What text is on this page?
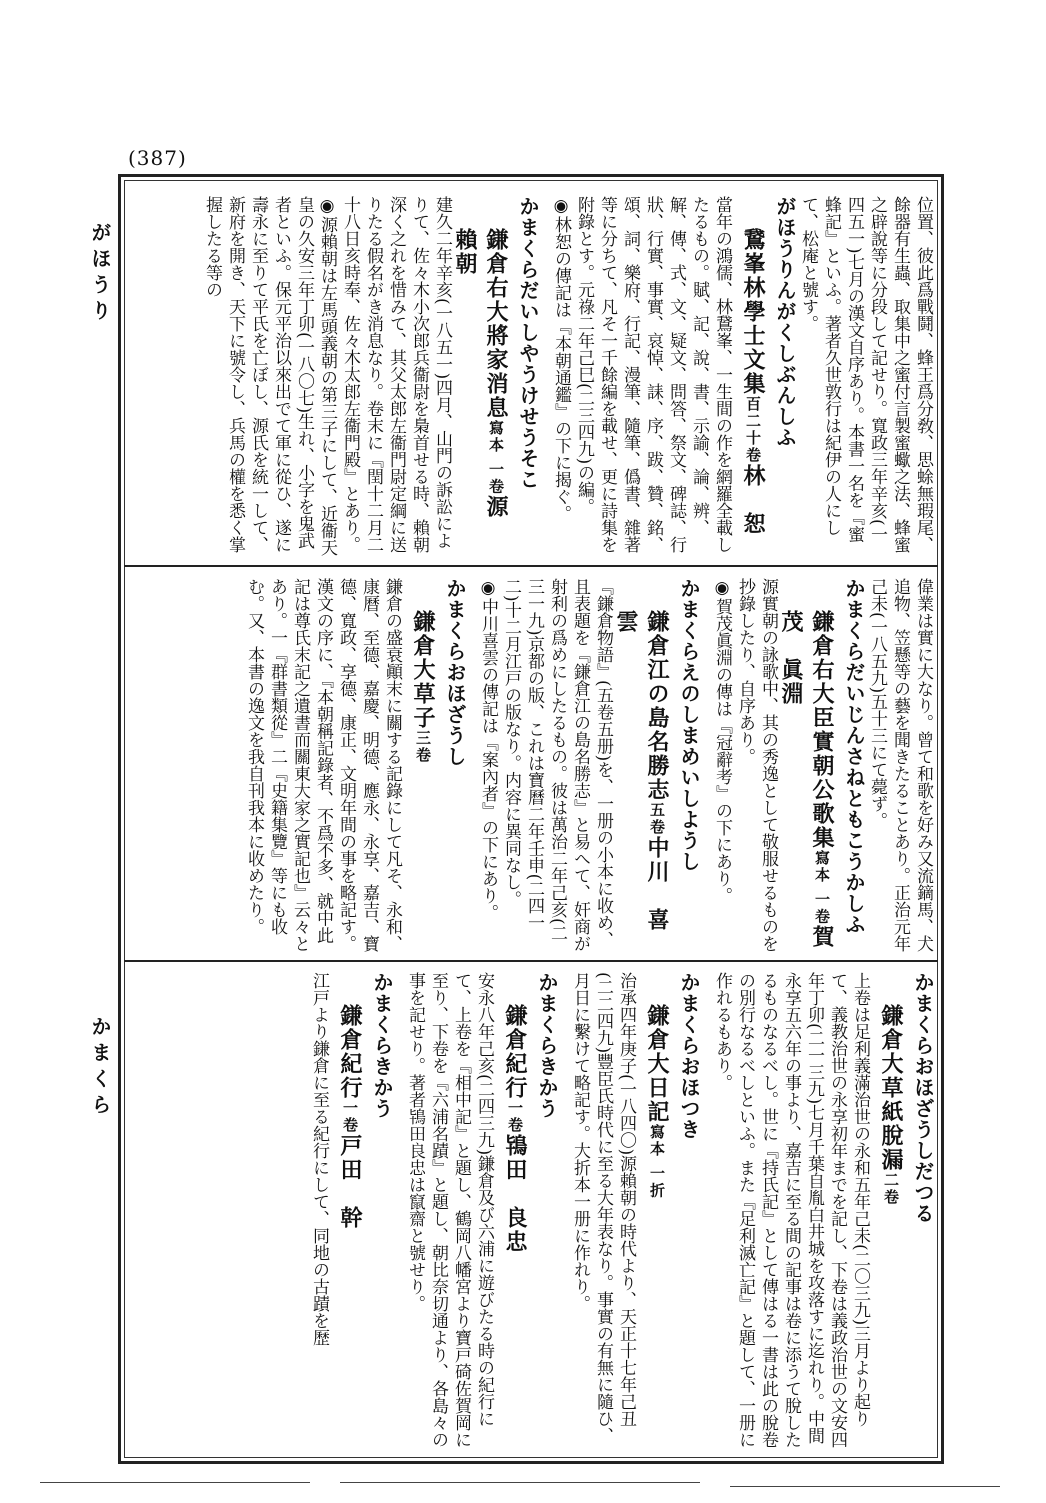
(387)
がほうり
かまくら
位置、彼此爲戰鬪、蜂王爲分敎、思蜍無瑕尾、餘器有生蟲、取集中之蜜付言製蜜蠍之法、蜂蜜之辟說等に分段して記せり。寬政三年辛亥(一四五一)七月の漢文自序あり。本書一名を『蜜蜂記』といふ。著者久世敦行は紀伊の人にして、松庵と號す。
がほうりんがくしぶんしふ
鵞峯林學士文集百二十卷林　恕
當年の鴻儒、林鵞峯、一生間の作を網羅全載したるもの。賦、記、說、書、示諭、論、辨、解、傳、式、文、疑文、問答、祭文、碑誌、行狀、行實、事實、哀悼、誄、序、跋、贊、銘、頌、詞、樂府、行記、漫筆、隨筆、僞書、雜著等に分ちて、凡そ一千餘編を載せ、更に詩集を附錄とす。元祿二年己巳(二三四九)の編。
◉林恕の傳記は『本朝通鑑』の下に揭ぐ。
かまくらだいしやうけせうそこ
鎌倉右大將家消息寫本 一卷源　賴朝
建久二年辛亥(一八五一)四月、山門の訴訟によりて、佐々木小次郎兵衞尉を梟首せる時、賴朝深く之れを惜みて、其父太郎左衞門尉定綱に送りたる假名がき消息なり。卷末に『閏十二月二十八日亥時奉、佐々木太郎左衞門殿』とあり。
◉源賴朝は左馬頭義朝の第三子にして、近衞天皇の久安三年丁卯(一八〇七)生れ、小字を鬼武者といふ。保元平治以來出でて軍に從ひ、遂に壽永に至りて平氏を亡ぼし、源氏を統一して、新府を開き、天下に號令し、兵馬の權を悉く掌握したる等の
偉業は實に大なり。曾て和歌を好み又流鏑馬、犬追物、笠懸等の藝を聞きたることあり。正治元年己未(一八五九)五十三にて薨ず。
かまくらだいじんさねともこうかしふ
鎌倉右大臣實朝公歌集寫本 一卷賀茂　眞淵
源實朝の詠歌中、其の秀逸として敬服せるものを抄錄したり、自序あり。
◉賀茂眞淵の傳は『冠辭考』の下にあり。
かまくらえのしまめいしようし
鎌倉江の島名勝志五卷中川　喜雲
『鎌倉物語』(五卷五册)を、一册の小本に收め、且表題を『鎌倉江の島名勝志』と易へて、奸商が射利の爲めにしたるもの。彼は萬治二年己亥(二三一九)京都の版、これは寶曆二年壬申(二四一二)十二月江戸の版なり。内容に異同なし。
◉中川喜雲の傳記は『案內者』の下にあり。
かまくらおほざうし
鎌倉大草子三卷
鎌倉の盛衰顚末に關する記錄にして凡そ、永和、康曆、至德、嘉慶、明德、應永、永享、嘉吉、寶德、寬政、享德、康正、文明年間の事を略記す。漢文の序に、『本朝稱記錄者、不爲不多、就中此記は尊氏末記之遺書而關東大家之實記也』云々とあり。一『群書類從』二『史籍集覽』等にも收む。又、本書の逸文を我自刊我本に收めたり。
かまくらおほざうしだつる
鎌倉大草紙脫漏二卷
上卷は足利義滿治世の永和五年己未(二〇三九)三月より起りて、義教治世の永享初年までを記し、下卷は義政治世の文安四年丁卯(二一三九)七月千葉自胤白井城を攻落すに迄れり。中間永享五六年の事より、嘉吉に至る間の記事は卷に添うて脫したるものなるべし。世に『持氏記』として傳はる一書は此の脫卷の別行なるべしといふ。また『足利滅亡記』と題して、一册に作れるもあり。
かまくらおほつき
鎌倉大日記寫本 一折
治承四年庚子(一八四〇)源賴朝の時代より、天正十七年己丑(二二四九)豐臣氏時代に至る大年表なり。事實の有無に隨ひ、月日に繫けて略記す。大折本一册に作れり。
かまくらきかう
鎌倉紀行一卷鴇田　良忠
安永八年己亥(二四三九)鎌倉及び六浦に遊びたる時の紀行にて、上卷を『相中記』と題し、鶴岡八幡宮より寶戸碕佐賀岡に至り、下卷を『六浦名蹟』と題し、朝比奈切通より、各島々の事を記せり。著者鴇田良忠は竄齋と號せり。
かまくらきかう
鎌倉紀行一卷戸田　幹
江戸より鎌倉に至る紀行にして、同地の古蹟を歷
